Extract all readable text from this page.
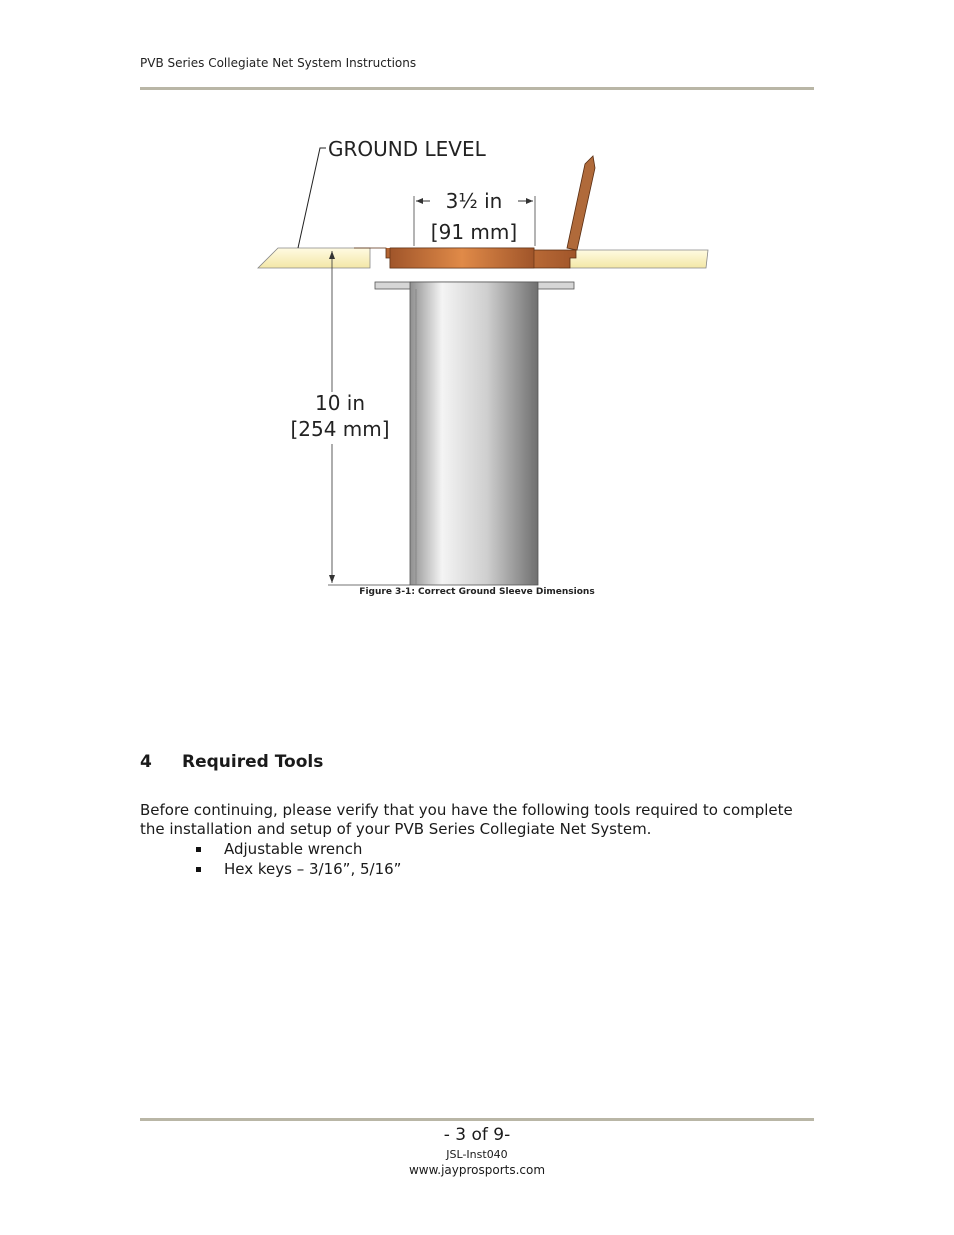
PVB Series Collegiate Net System Instructions
GROUND LEVEL
3½ in
[91 mm]
10 in
[254 mm]
Figure 3-1: Correct Ground Sleeve Dimensions
4 Required Tools
Before continuing, please verify that you have the following tools required to complete the installation and setup of your PVB Series Collegiate Net System.
Adjustable wrench
Hex keys – 3/16”, 5/16”
- 3 of 9-
JSL-Inst040
www.jayprosports.com
